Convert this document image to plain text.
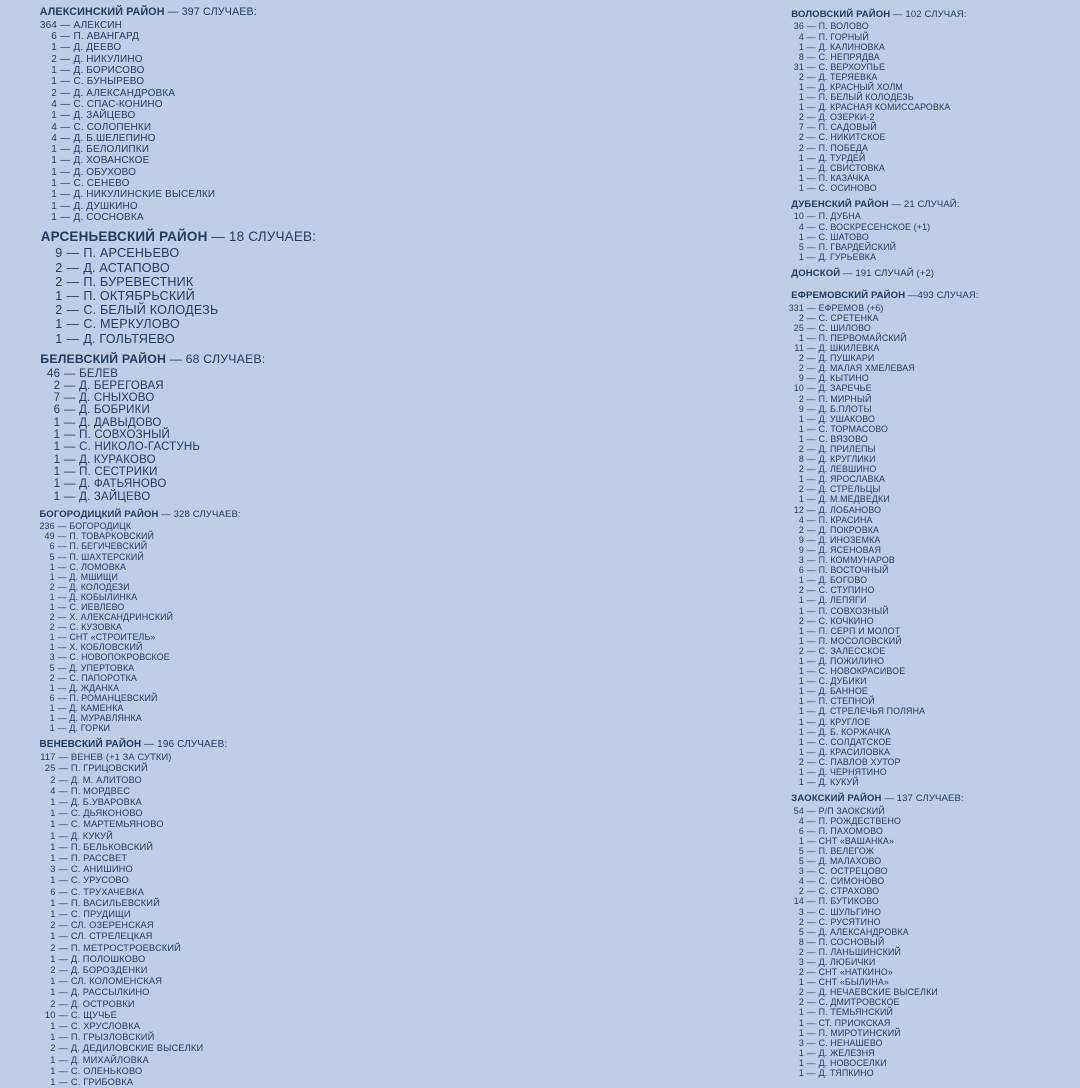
АЛЕКСИНСКИЙ РАЙОН — 397 СЛУЧАЕВ:
364 — АЛЕКСИН
6 — П. АВАНГАРД
1 — Д. ДЕЕВО
2 — Д. НИКУЛИНО
1 — Д. БОРИСОВО
1 — С. БУНЫРЕВО
2 — Д. АЛЕКСАНДРОВКА
4 — С. СПАС-КОНИНО
1 — Д. ЗАЙЦЕВО
4 — С. СОЛОПЕНКИ
4 — Д. Б.ШЕЛЕПИНО
1 — Д. БЕЛОЛИПКИ
1 — Д. ХОВАНСКОЕ
1 — Д. ОБУХОВО
1 — С. СЕНЕВО
1 — Д. НИКУЛИНСКИЕ ВЫСЕЛКИ
1 — Д. ДУШКИНО
1 — Д. СОСНОВКА
АРСЕНЬЕВСКИЙ РАЙОН — 18 СЛУЧАЕВ:
9 — П. АРСЕНЬЕВО
2 — Д. АСТАПОВО
2 — П. БУРЕВЕСТНИК
1 — П. ОКТЯБРЬСКИЙ
2 — С. БЕЛЫЙ КОЛОДЕЗЬ
1 — С. МЕРКУЛОВО
1 — Д. ГОЛЬТЯЕВО
БЕЛЕВСКИЙ РАЙОН — 68 СЛУЧАЕВ:
46 — БЕЛЕВ
2 — Д. БЕРЕГОВАЯ
7 — Д. СНЫХОВО
6 — Д. БОБРИКИ
1 — Д. ДАВЫДОВО
1 — П. СОВХОЗНЫЙ
1 — С. НИКОЛО-ГАСТУНЬ
1 — Д. КУРАКОВО
1 — П. СЕСТРИКИ
1 — Д. ФАТЬЯНОВО
1 — Д. ЗАЙЦЕВО
БОГОРОДИЦКИЙ РАЙОН — 328 СЛУЧАЕВ:
236 — БОГОРОДИЦК
49 — П. ТОВАРКОВСКИЙ
6 — П. БЕГИЧЕВСКИЙ
5 — П. ШАХТЕРСКИЙ
1 — С. ЛОМОВКА
1 — Д. МШИЩИ
2 — Д. КОЛОДЕЗИ
1 — Д. КОБЫЛИНКА
1 — С. ИЕВЛЕВО
2 — Х. АЛЕКСАНДРИНСКИЙ
2 — С. КУЗОВКА
1 — СНТ «СТРОИТЕЛЬ»
1 — Х. КОБЛОВСКИЙ
3 — С. НОВОПОКРОВСКОЕ
5 — Д. УПЕРТОВКА
2 — С. ПАПОРОТКА
1 — Д. ЖДАНКА
6 — П. РОМАНЦЕВСКИЙ
1 — Д. КАМЕНКА
1 — Д. МУРАВЛЯНКА
1 — Д. ГОРКИ
ВЕНЕВСКИЙ РАЙОН — 196 СЛУЧАЕВ:
117 — ВЕНЕВ (+1 ЗА СУТКИ)
25 — П. ГРИЦОВСКИЙ
2 — Д. М. АЛИТОВО
4 — П. МОРДВЕС
1 — Д. Б.УВАРОВКА
1 — С. ДЬЯКОНОВО
1 — С. МАРТЕМЬЯНОВО
1 — Д. КУКУЙ
1 — П. БЕЛЬКОВСКИЙ
1 — П. РАССВЕТ
3 — С. АНИШИНО
1 — С. УРУСОВО
6 — С. ТРУХАЧЕВКА
1 — П. ВАСИЛЬЕВСКИЙ
1 — С. ПРУДИЩИ
2 — СЛ. ОЗЕРЕНСКАЯ
1 — СЛ. СТРЕЛЕЦКАЯ
2 — П. МЕТРОСТРОЕВСКИЙ
1 — Д. ПОЛОШКОВО
2 — Д. БОРОЗДЕНКИ
1 — СЛ. КОЛОМЕНСКАЯ
1 — Д. РАССЫЛКИНО
2 — Д. ОСТРОВКИ
10 — С. ЩУЧЬЕ
1 — С. ХРУСЛОВКА
1 — П. ГРЫЗЛОВСКИЙ
2 — Д. ДЕДИЛОВСКИЕ ВЫСЕЛКИ
1 — Д. МИХАЙЛОВКА
1 — С. ОЛЕНЬКОВО
1 — С. ГРИБОВКА
ВОЛОВСКИЙ РАЙОН — 102 СЛУЧАЯ:
36 — П. ВОЛОВО
4 — П. ГОРНЫЙ
1 — Д. КАЛИНОВКА
8 — С. НЕПРЯДВА
31 — С. ВЕРХОУПЬЕ
2 — Д. ТЕРЯЕВКА
1 — Д. КРАСНЫЙ ХОЛМ
1 — П. БЕЛЫЙ КОЛОДЕЗЬ
1 — Д. КРАСНАЯ КОМИССАРОВКА
2 — Д. ОЗЕРКИ-2
7 — П. САДОВЫЙ
2 — С. НИКИТСКОЕ
2 — П. ПОБЕДА
1 — Д. ТУРДЕЙ
1 — Д. СВИСТОВКА
1 — П. КАЗАЧКА
1 — С. ОСИНОВО
ДУБЕНСКИЙ РАЙОН — 21 СЛУЧАЙ:
10 — П. ДУБНА
4 — С. ВОСКРЕСЕНСКОЕ (+1)
1 — С. ШАТОВО
5 — П. ГВАРДЕЙСКИЙ
1 — Д. ГУРЬЕВКА
ДОНСКОЙ — 191 СЛУЧАЙ (+2)
ЕФРЕМОВСКИЙ РАЙОН —493 СЛУЧАЯ:
331 — ЕФРЕМОВ (+6)
2 — С. СРЕТЕНКА
25 — С. ШИЛОВО
1 — П. ПЕРВОМАЙСКИЙ
11 — Д. ШКИЛЕВКА
2 — Д. ПУШКАРИ
2 — Д. МАЛАЯ ХМЕЛЕВАЯ
9 — Д. КЫТИНО
10 — Д. ЗАРЕЧЬЕ
2 — П. МИРНЫЙ
9 — Д. Б.ПЛОТЫ
1 — Д. УШАКОВО
1 — С. ТОРМАСОВО
1 — С. ВЯЗОВО
2 — Д. ПРИЛЕПЫ
8 — Д. КРУГЛИКИ
2 — Д. ЛЕВШИНО
1 — Д. ЯРОСЛАВКА
2 — Д. СТРЕЛЬЦЫ
1 — Д. М.МЕДВЕДКИ
12 — Д. ЛОБАНОВО
4 — П. КРАСИНА
2 — Д. ПОКРОВКА
9 — Д. ИНОЗЕМКА
9 — Д. ЯСЕНОВАЯ
3 — П. КОММУНАРОВ
6 — П. ВОСТОЧНЫЙ
1 — Д. БОГОВО
2 — С. СТУПИНО
1 — Д. ЛЕПЯГИ
1 — П. СОВХОЗНЫЙ
2 — С. КОЧКИНО
1 — П. СЕРП И МОЛОТ
1 — П. МОСОЛОВСКИЙ
2 — С. ЗАЛЕССКОЕ
1 — Д. ПОЖИЛИНО
1 — С. НОВОКРАСИВОЕ
1 — С. ДУБИКИ
1 — Д. БАННОЕ
1 — П. СТЕПНОЙ
1 — Д. СТРЕЛЕЧЬЯ ПОЛЯНА
1 — Д. КРУГЛОЕ
1 — Д. Б. КОРЖАЧКА
1 — С. СОЛДАТСКОЕ
1 — Д. КРАСИЛОВКА
2 — С. ПАВЛОВ ХУТОР
1 — Д. ЧЕРНЯТИНО
1 — Д. КУКУЙ
ЗАОКСКИЙ РАЙОН — 137 СЛУЧАЕВ:
54 — Р/П ЗАОКСКИЙ
4 — П. РОЖДЕСТВЕНО
6 — П. ПАХОМОВО
1 — СНТ «ВАШАНКА»
5 — П. ВЕЛЕГОЖ
5 — Д. МАЛАХОВО
3 — С. ОСТРЕЦОВО
4 — С. СИМОНОВО
2 — С. СТРАХОВО
14 — П. БУТИКОВО
3 — С. ШУЛЬГИНО
2 — С. РУСЯТИНО
5 — Д. АЛЕКСАНДРОВКА
8 — П. СОСНОВЫЙ
2 — П. ЛАНЬШИНСКИЙ
3 — Д. ЛЮБИЧКИ
2 — СНТ «НАТКИНО»
1 — СНТ «БЫЛИНА»
2 — Д. НЕЧАЕВСКИЕ ВЫСЕЛКИ
2 — С. ДМИТРОВСКОЕ
1 — П. ТЕМЬЯНСКИЙ
1 — СТ. ПРИОКСКАЯ
1 — П. МИРОТИНСКИЙ
3 — С. НЕНАШЕВО
1 — Д. ЖЕЛЕЗНЯ
1 — Д. НОВОСЕЛКИ
1 — Д. ТЯПКИНО
